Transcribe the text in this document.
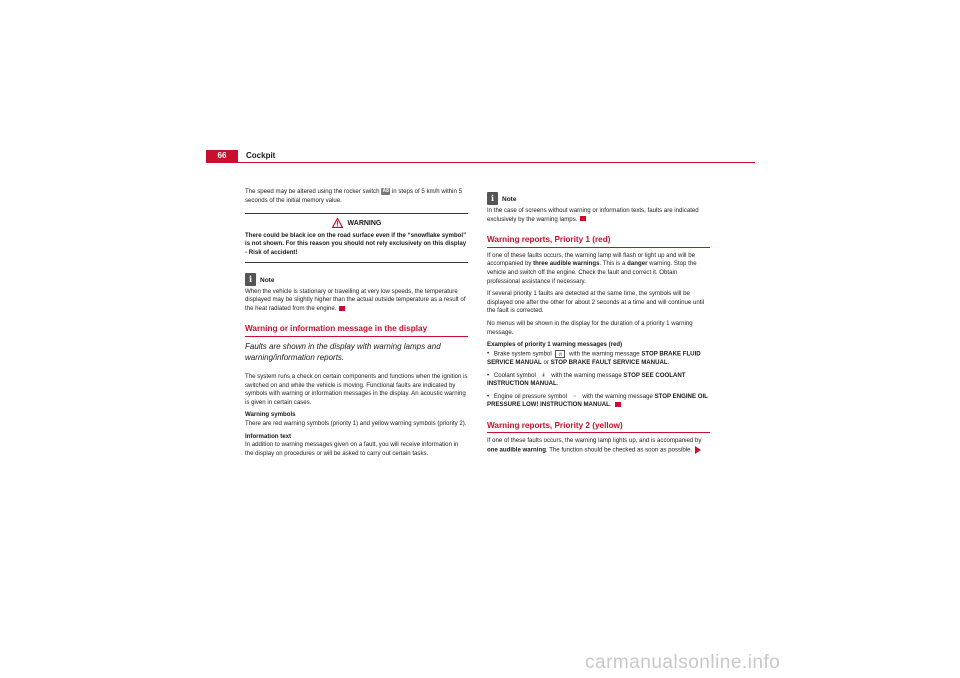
66	Cockpit

The speed may be altered using the rocker switch A8 in steps of 5 km/h within 5 seconds of the initial memory value.

WARNING
There could be black ice on the road surface even if the “snowflake symbol” is not shown. For this reason you should not rely exclusively on this display - Risk of accident!
i
Note

When the vehicle is stationary or travelling at very low speeds, the temperature displayed may be slightly higher than the actual outside temperature as a result of the heat radiated from the engine.

Warning or information message in the display
Faults are shown in the display with warning lamps and warning/information reports.

The system runs a check on certain components and functions when the ignition is switched on and while the vehicle is moving. Functional faults are indicated by symbols with warning or information messages in the display. An acoustic warning is given in certain cases.

Warning symbols

There are red warning symbols (priority 1) and yellow warning symbols (priority 2).

Information text

In addition to warning messages given on a fault, you will receive information in the display on procedures or will be asked to carry out certain tasks.

i
Note

In the case of screens without warning or information texts, faults are indicated exclusively by the warning lamps.

Warning reports, Priority 1 (red)

If one of these faults occurs, the warning lamp will flash or light up and will be accompanied by three audible warnings. This is a danger warning. Stop the vehicle and switch off the engine. Check the fault and correct it. Obtain professional assistance if necessary.

If several priority 1 faults are detected at the same time, the symbols will be displayed one after the other for about 2 seconds at a time and will continue until the fault is corrected.

No menus will be shown in the display for the duration of a priority 1 warning message.

Examples of priority 1 warning messages (red)

• Brake system symbol (!) with the warning message STOP BRAKE FLUID SERVICE MANUAL or STOP BRAKE FAULT SERVICE MANUAL.

• Coolant symbol 🌡 with the warning message STOP SEE COOLANT INSTRUCTION MANUAL.

• Engine oil pressure symbol ⌂ with the warning message STOP ENGINE OIL PRESSURE LOW! INSTRUCTION MANUAL.

Warning reports, Priority 2 (yellow)

If one of these faults occurs, the warning lamp lights up, and is accompanied by one audible warning. The function should be checked as soon as possible.

carmanualsonline.info
